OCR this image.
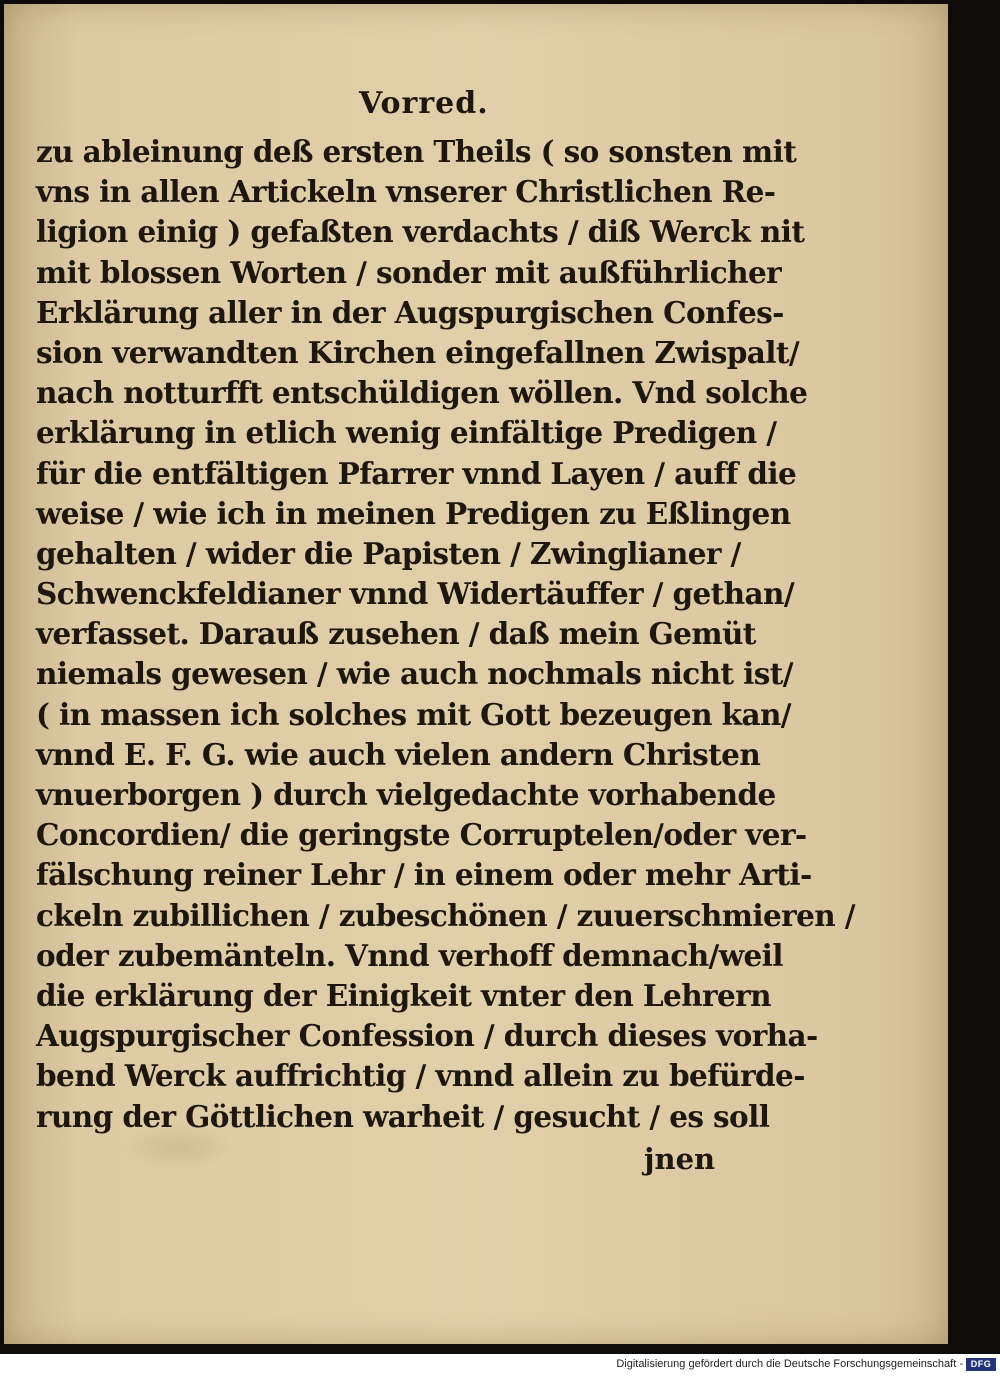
Vorred.
zu ableinung deß ersten Theils ( so sonsten mit
vns in allen Artickeln vnserer Christlichen Re-
ligion einig ) gefaßten verdachts / diß Werck nit
mit blossen Worten / sonder mit außführlicher
Erklärung aller in der Augspurgischen Confes-
sion verwandten Kirchen eingefallnen Zwispalt/
nach notturfft entschüldigen wöllen. Vnd solche
erklärung in etlich wenig einfältige Predigen /
für die entfältigen Pfarrer vnnd Layen / auff die
weise / wie ich in meinen Predigen zu Eßlingen
gehalten / wider die Papisten / Zwinglianer /
Schwenckfeldianer vnnd Widertäuffer / gethan/
verfasset. Darauß zusehen / daß mein Gemüt
niemals gewesen / wie auch nochmals nicht ist/
( in massen ich solches mit Gott bezeugen kan/
vnnd E. F. G. wie auch vielen andern Christen
vnuerborgen ) durch vielgedachte vorhabende
Concordien/ die geringste Corruptelen/oder ver-
fälschung reiner Lehr / in einem oder mehr Arti-
ckeln zubillichen / zubeschönen / zuuerschmieren /
oder zubemänteln. Vnnd verhoff demnach/weil
die erklärung der Einigkeit vnter den Lehrern
Augspurgischer Confession / durch dieses vorha-
bend Werck auffrichtig / vnnd allein zu befürde-
rung der Göttlichen warheit / gesucht / es soll
jnen
Digitalisierung gefördert durch die Deutsche Forschungsgemeinschaft - DFG
